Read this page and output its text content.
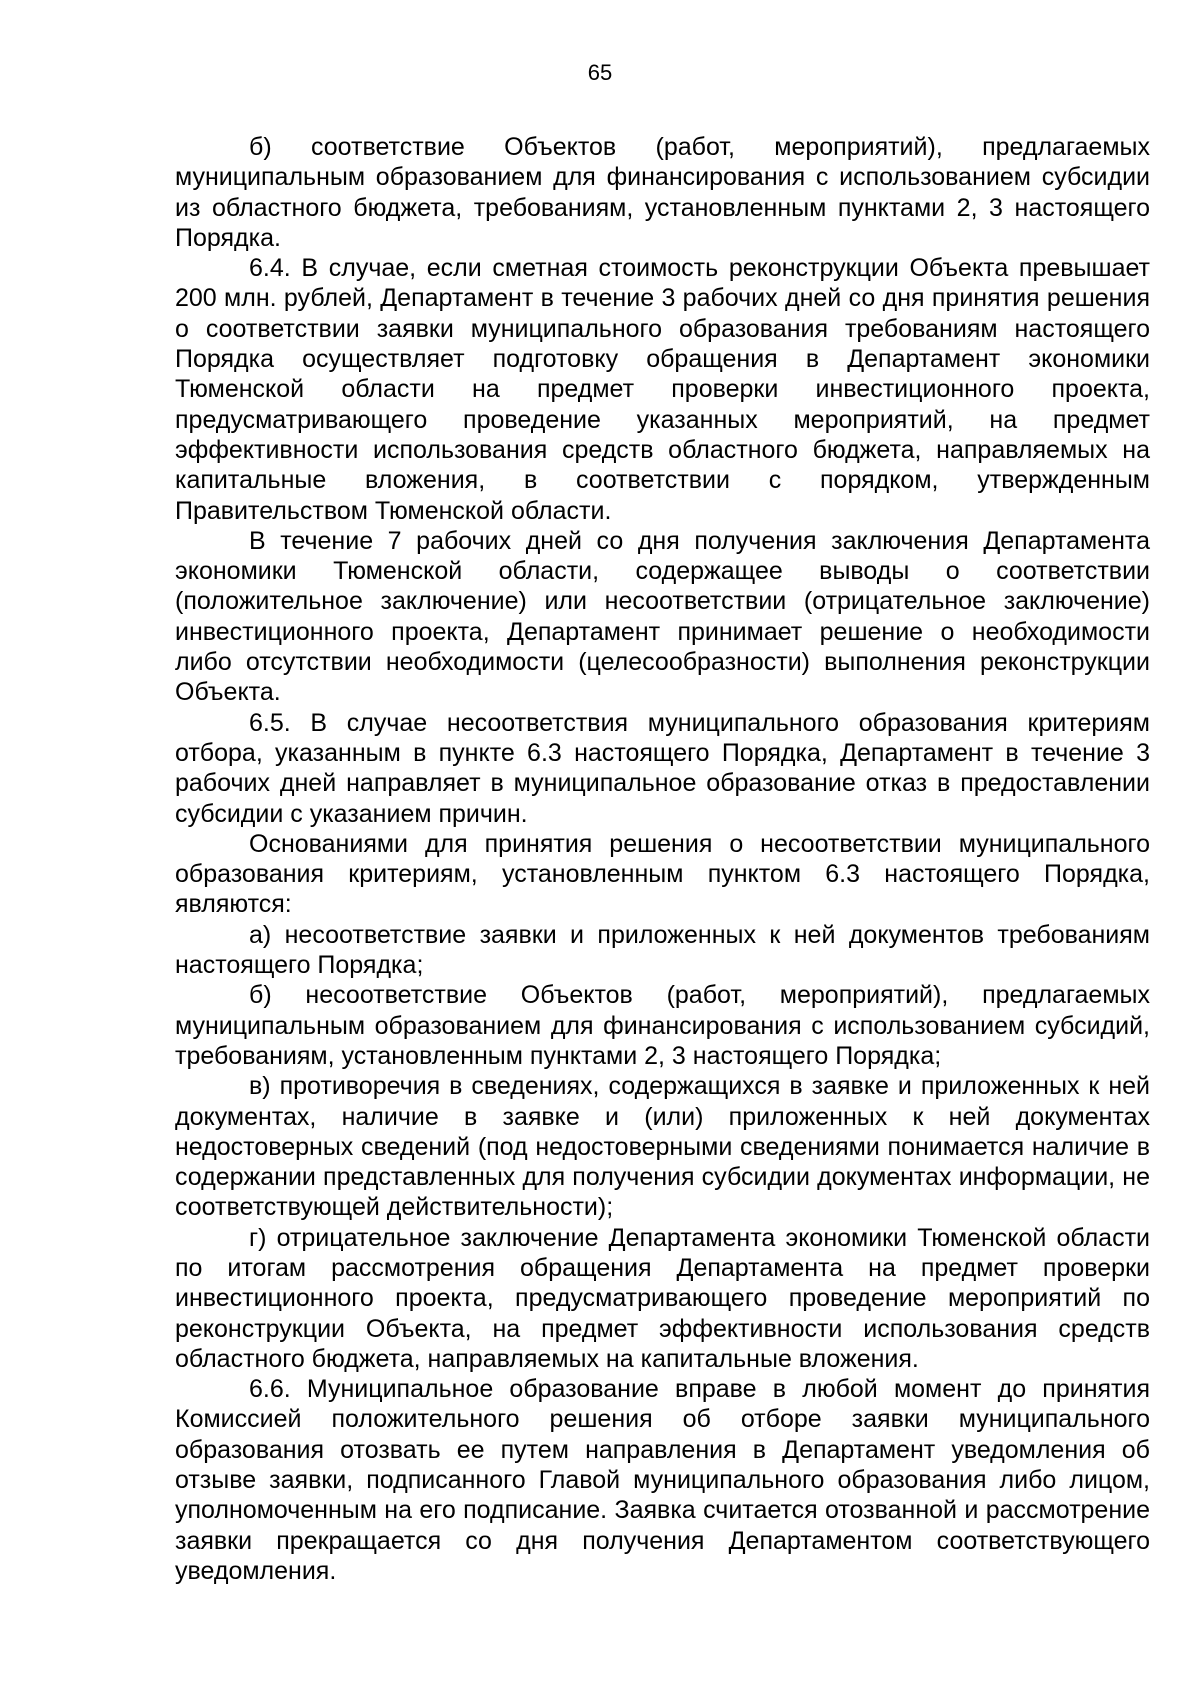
65

б) соответствие Объектов (работ, мероприятий), предлагаемых муниципальным образованием для финансирования с использованием субсидии из областного бюджета, требованиям, установленным пунктами 2, 3 настоящего Порядка.

6.4. В случае, если сметная стоимость реконструкции Объекта превышает 200 млн. рублей, Департамент в течение 3 рабочих дней со дня принятия решения о соответствии заявки муниципального образования требованиям настоящего Порядка осуществляет подготовку обращения в Департамент экономики Тюменской области на предмет проверки инвестиционного проекта, предусматривающего проведение указанных мероприятий, на предмет эффективности использования средств областного бюджета, направляемых на капитальные вложения, в соответствии с порядком, утвержденным Правительством Тюменской области.

В течение 7 рабочих дней со дня получения заключения Департамента экономики Тюменской области, содержащее выводы о соответствии (положительное заключение) или несоответствии (отрицательное заключение) инвестиционного проекта, Департамент принимает решение о необходимости либо отсутствии необходимости (целесообразности) выполнения реконструкции Объекта.

6.5. В случае несоответствия муниципального образования критериям отбора, указанным в пункте 6.3 настоящего Порядка, Департамент в течение 3 рабочих дней направляет в муниципальное образование отказ в предоставлении субсидии с указанием причин.

Основаниями для принятия решения о несоответствии муниципального образования критериям, установленным пунктом 6.3 настоящего Порядка, являются:

а) несоответствие заявки и приложенных к ней документов требованиям настоящего Порядка;

б) несоответствие Объектов (работ, мероприятий), предлагаемых муниципальным образованием для финансирования с использованием субсидий, требованиям, установленным пунктами 2, 3 настоящего Порядка;

в) противоречия в сведениях, содержащихся в заявке и приложенных к ней документах, наличие в заявке и (или) приложенных к ней документах недостоверных сведений (под недостоверными сведениями понимается наличие в содержании представленных для получения субсидии документах информации, не соответствующей действительности);

г) отрицательное заключение Департамента экономики Тюменской области по итогам рассмотрения обращения Департамента на предмет проверки инвестиционного проекта, предусматривающего проведение мероприятий по реконструкции Объекта, на предмет эффективности использования средств областного бюджета, направляемых на капитальные вложения.

6.6. Муниципальное образование вправе в любой момент до принятия Комиссией положительного решения об отборе заявки муниципального образования отозвать ее путем направления в Департамент уведомления об отзыве заявки, подписанного Главой муниципального образования либо лицом, уполномоченным на его подписание. Заявка считается отозванной и рассмотрение заявки прекращается со дня получения Департаментом соответствующего уведомления.
